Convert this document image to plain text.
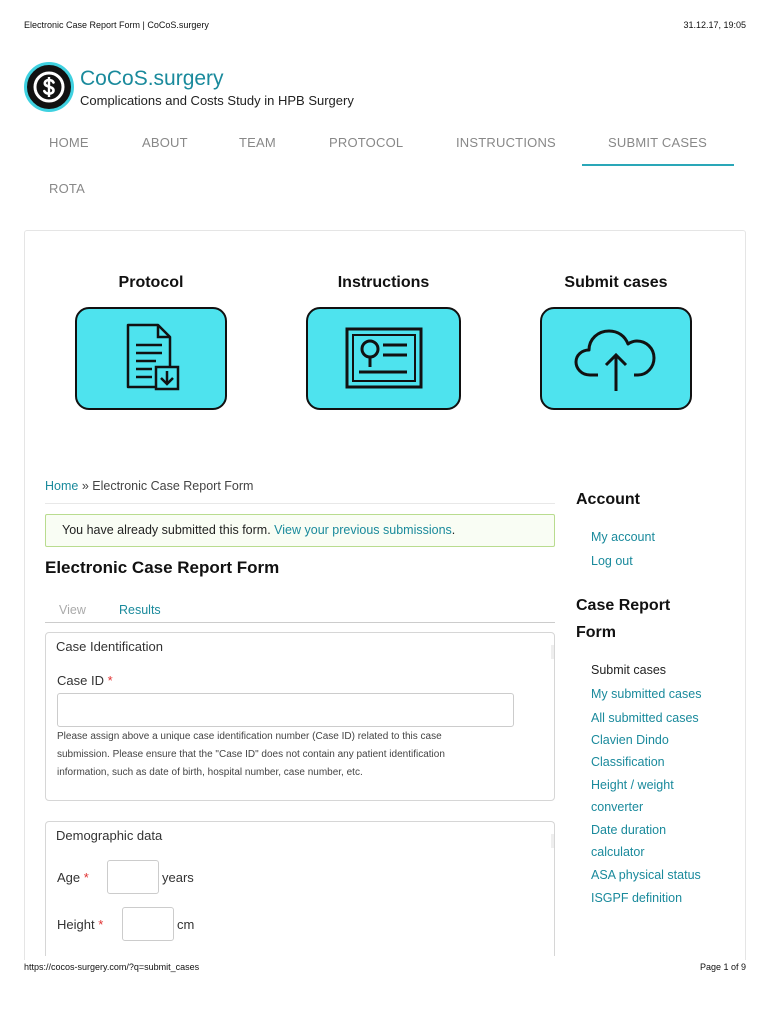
Electronic Case Report Form | CoCoS.surgery	31.12.17, 19:05
CoCoS.surgery
Complications and Costs Study in HPB Surgery
HOME	ABOUT	TEAM	PROTOCOL	INSTRUCTIONS	SUBMIT CASES
ROTA
Protocol	Instructions	Submit cases
Home » Electronic Case Report Form
You have already submitted this form. View your previous submissions.
Electronic Case Report Form
View	Results
Case Identification
Case ID *
Please assign above a unique case identification number (Case ID) related to this case
submission. Please ensure that the "Case ID" does not contain any patient identification
information, such as date of birth, hospital number, case number, etc.
Demographic data
Age *	years
Height *	cm
Account
My account
Log out
Case Report
Form
Submit cases
My submitted cases
All submitted cases
Clavien Dindo
Classification
Height / weight
converter
Date duration
calculator
ASA physical status
ISGPF definition
https://cocos-surgery.com/?q=submit_cases	Page 1 of 9
